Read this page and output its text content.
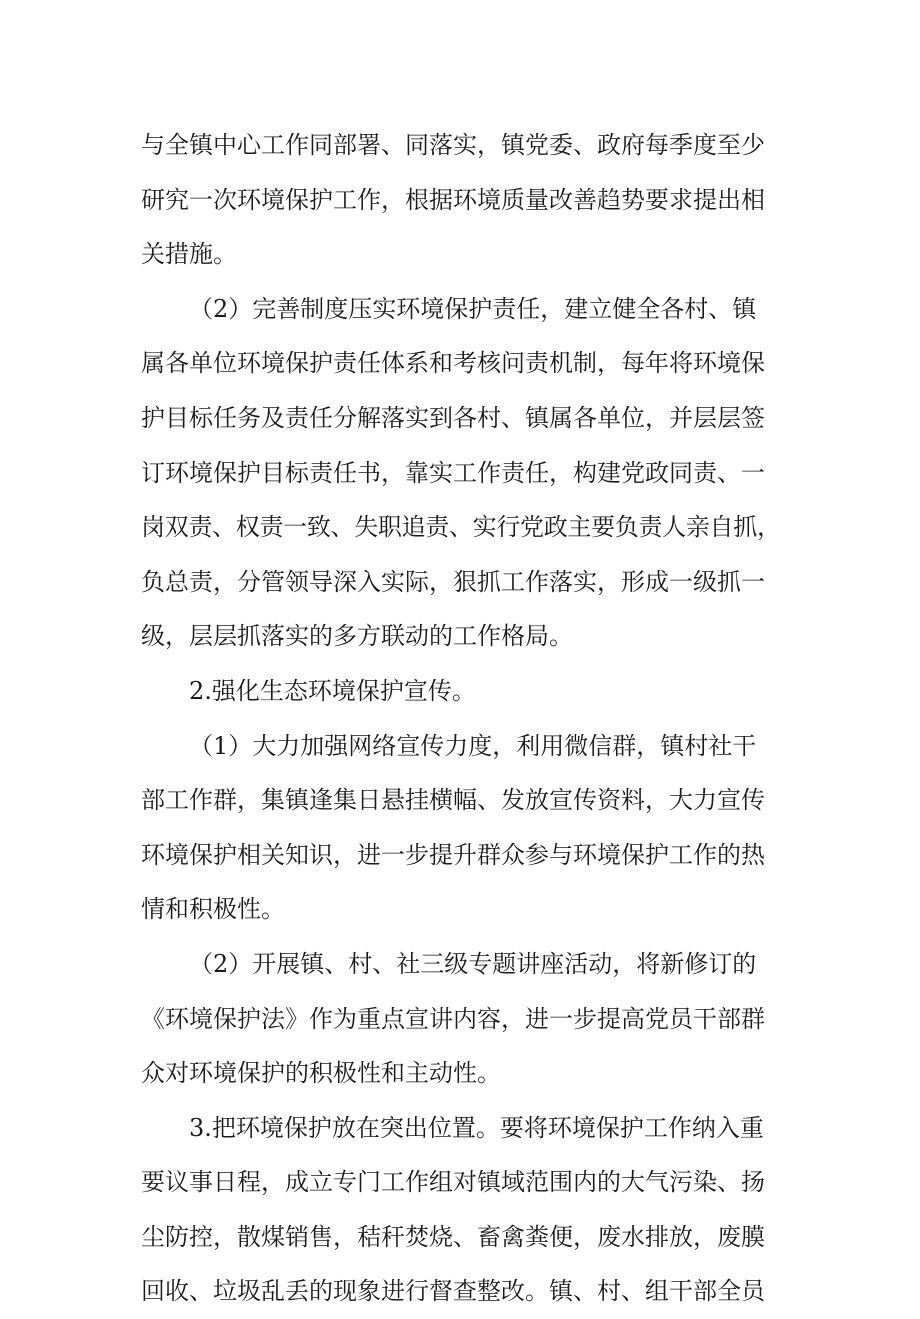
与全镇中心工作同部署、同落实，镇党委、政府每季度至少
研究一次环境保护工作，根据环境质量改善趋势要求提出相
关措施。
（2）完善制度压实环境保护责任，建立健全各村、镇
属各单位环境保护责任体系和考核问责机制，每年将环境保
护目标任务及责任分解落实到各村、镇属各单位，并层层签
订环境保护目标责任书，靠实工作责任，构建党政同责、一
岗双责、权责一致、失职追责、实行党政主要负责人亲自抓，
负总责，分管领导深入实际，狠抓工作落实，形成一级抓一
级，层层抓落实的多方联动的工作格局。
2.强化生态环境保护宣传。
（1）大力加强网络宣传力度，利用微信群，镇村社干
部工作群，集镇逢集日悬挂横幅、发放宣传资料，大力宣传
环境保护相关知识，进一步提升群众参与环境保护工作的热
情和积极性。
（2）开展镇、村、社三级专题讲座活动，将新修订的
《环境保护法》作为重点宣讲内容，进一步提高党员干部群
众对环境保护的积极性和主动性。
3.把环境保护放在突出位置。要将环境保护工作纳入重
要议事日程，成立专门工作组对镇域范围内的大气污染、扬
尘防控，散煤销售，秸秆焚烧、畜禽粪便，废水排放，废膜
回收、垃圾乱丢的现象进行督查整改。镇、村、组干部全员
